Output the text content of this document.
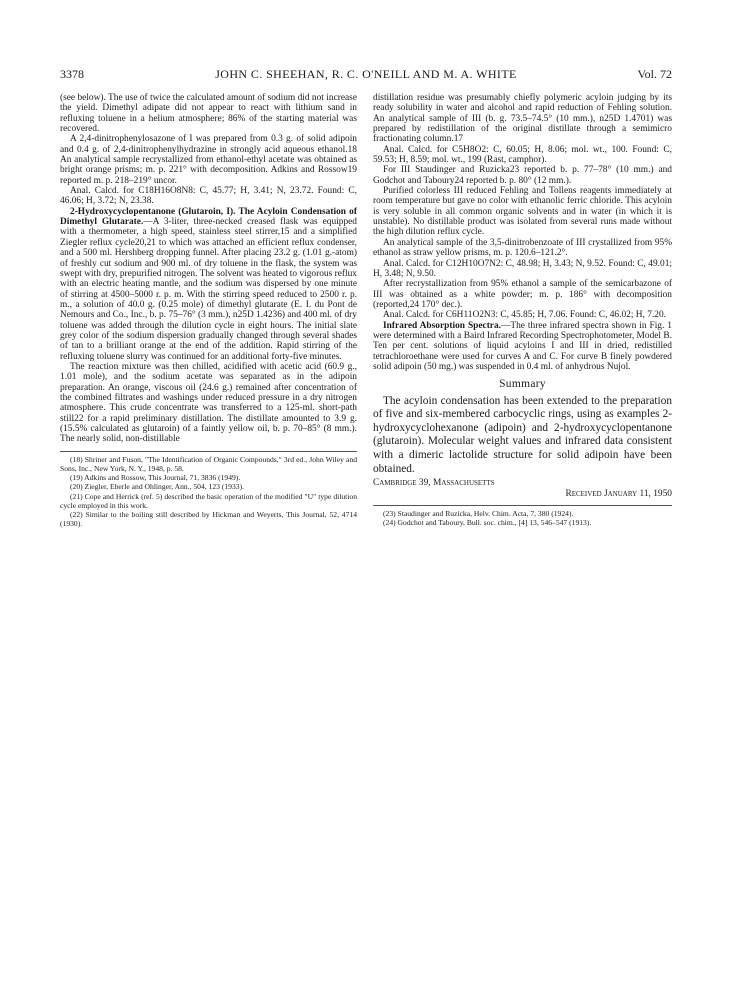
3378	JOHN C. SHEEHAN, R. C. O'NEILL AND M. A. WHITE	Vol. 72

(see below). The use of twice the calculated amount of sodium did not increase the yield. Dimethyl adipate did not appear to react with lithium sand in refluxing toluene in a helium atmosphere; 86% of the starting material was recovered.

A 2,4-dinitrophenylosazone of I was prepared from 0.3 g. of solid adipoin and 0.4 g. of 2,4-dinitrophenylhydrazine in strongly acid aqueous ethanol.18 An analytical sample recrystallized from ethanol-ethyl acetate was obtained as bright orange prisms; m. p. 221° with decomposition. Adkins and Rossow19 reported m. p. 218–219° uncor.

Anal. Calcd. for C18H16O8N8: C, 45.77; H, 3.41; N, 23.72. Found: C, 46.06; H, 3.72; N, 23.38.

2-Hydroxycyclopentanone (Glutaroin, I). The Acyloin Condensation of Dimethyl Glutarate.—A 3-liter, three-necked creased flask was equipped with a thermometer, a high speed, stainless steel stirrer,15 and a simplified Ziegler reflux cycle20,21 to which was attached an efficient reflux condenser, and a 500 ml. Hershberg dropping funnel. After placing 23.2 g. (1.01 g.-atom) of freshly cut sodium and 900 ml. of dry toluene in the flask, the system was swept with dry, prepurified nitrogen. The solvent was heated to vigorous reflux with an electric heating mantle, and the sodium was dispersed by one minute of stirring at 4500–5000 r. p. m. With the stirring speed reduced to 2500 r. p. m., a solution of 40.0 g. (0.25 mole) of dimethyl glutarate (E. I. du Pont de Nemours and Co., Inc., b. p. 75–76° (3 mm.), n25D 1.4236) and 400 ml. of dry toluene was added through the dilution cycle in eight hours. The initial slate grey color of the sodium dispersion gradually changed through several shades of tan to a brilliant orange at the end of the addition. Rapid stirring of the refluxing toluene slurry was continued for an additional forty-five minutes.

The reaction mixture was then chilled, acidified with acetic acid (60.9 g., 1.01 mole), and the sodium acetate was separated as in the adipoin preparation. An orange, viscous oil (24.6 g.) remained after concentration of the combined filtrates and washings under reduced pressure in a dry nitrogen atmosphere. This crude concentrate was transferred to a 125-ml. short-path still22 for a rapid preliminary distillation. The distillate amounted to 3.9 g. (15.5% calculated as glutaroin) of a faintly yellow oil, b. p. 70–85° (8 mm.). The nearly solid, non-distillable

(18) Shriner and Fuson, "The Identification of Organic Compounds," 3rd ed., John Wiley and Sons, Inc., New York, N. Y., 1948, p. 58.

(19) Adkins and Rossow, This Journal, 71, 3836 (1949).

(20) Ziegler, Eberle and Ohlinger, Ann., 504, 123 (1933).

(21) Cope and Herrick (ref. 5) described the basic operation of the modified "U" type dilution cycle employed in this work.

(22) Similar to the boiling still described by Hickman and Weyerts, This Journal, 52, 4714 (1930).

distillation residue was presumably chiefly polymeric acyloin judging by its ready solubility in water and alcohol and rapid reduction of Fehling solution. An analytical sample of III (b. g. 73.5–74.5° (10 mm.), n25D 1.4701) was prepared by redistillation of the original distillate through a semimicro fractionating column.17

Anal. Calcd. for C5H8O2: C, 60.05; H, 8.06; mol. wt., 100. Found: C, 59.53; H, 8.59; mol. wt., 199 (Rast, camphor).

For III Staudinger and Ruzicka23 reported b. p. 77–78° (10 mm.) and Godchot and Taboury24 reported b. p. 80° (12 mm.).

Purified colorless III reduced Fehling and Tollens reagents immediately at room temperature but gave no color with ethanolic ferric chloride. This acyloin is very soluble in all common organic solvents and in water (in which it is unstable). No distillable product was isolated from several runs made without the high dilution reflux cycle.

An analytical sample of the 3,5-dinitrobenzoate of III crystallized from 95% ethanol as straw yellow prisms, m. p. 120.6–121.2°.

Anal. Calcd. for C12H10O7N2: C, 48.98; H, 3.43; N, 9.52. Found: C, 49.01; H, 3.48; N, 9.50.

After recrystallization from 95% ethanol a sample of the semicarbazone of III was obtained as a white powder; m. p. 186° with decomposition (reported,24 170° dec.).

Anal. Calcd. for C6H11O2N3: C, 45.85; H, 7.06. Found: C, 46.02; H, 7.20.

Infrared Absorption Spectra.—The three infrared spectra shown in Fig. 1 were determined with a Baird Infrared Recording Spectrophotometer, Model B. Ten per cent. solutions of liquid acyloins I and III in dried, redistilled tetrachloroethane were used for curves A and C. For curve B finely powdered solid adipoin (50 mg.) was suspended in 0.4 ml. of anhydrous Nujol.

Summary

The acyloin condensation has been extended to the preparation of five and six-membered carbocyclic rings, using as examples 2-hydroxycyclohexanone (adipoin) and 2-hydroxycyclopentanone (glutaroin). Molecular weight values and infrared data consistent with a dimeric lactolide structure for solid adipoin have been obtained.

Cambridge 39, Massachusetts
Received January 11, 1950

(23) Staudinger and Ruzicka, Helv. Chim. Acta, 7, 380 (1924).

(24) Godchot and Taboury, Bull. soc. chim., [4] 13, 546–547 (1913).
